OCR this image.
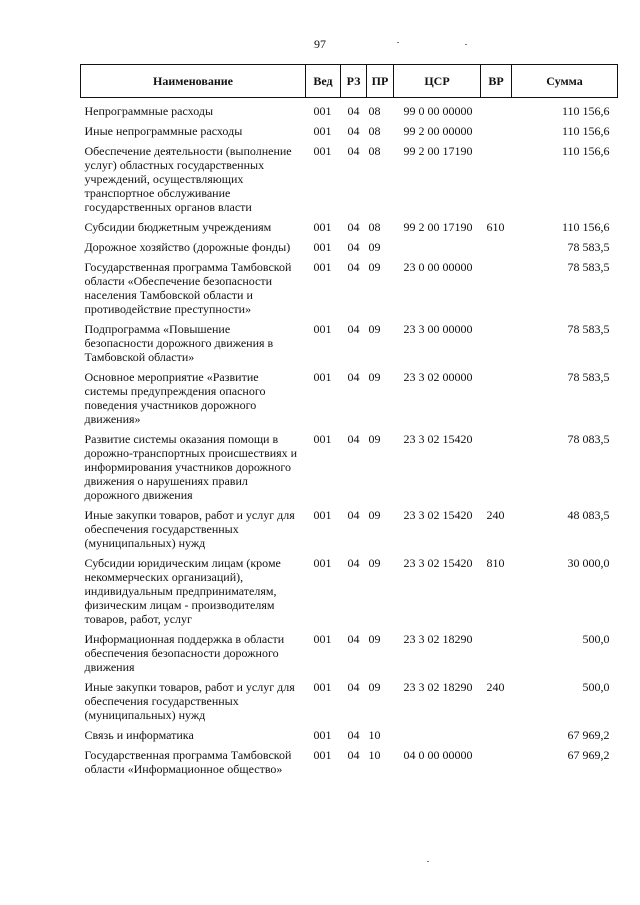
97
Наименование	Вед	РЗ	ПР	ЦСР	ВР	Сумма
Непрограммные расходы	001	04	08	99 0 00 00000		110 156,6
Иные непрограммные расходы	001	04	08	99 2 00 00000		110 156,6
Обеспечение деятельности (выполнение услуг) областных государственных учреждений, осуществляющих транспортное обслуживание государственных органов власти	001	04	08	99 2 00 17190		110 156,6
Субсидии бюджетным учреждениям	001	04	08	99 2 00 17190	610	110 156,6
Дорожное хозяйство (дорожные фонды)	001	04	09			78 583,5
Государственная программа Тамбовской области «Обеспечение безопасности населения Тамбовской области и противодействие преступности»	001	04	09	23 0 00 00000		78 583,5
Подпрограмма «Повышение безопасности дорожного движения в Тамбовской области»	001	04	09	23 3 00 00000		78 583,5
Основное мероприятие «Развитие системы предупреждения опасного поведения участников дорожного движения»	001	04	09	23 3 02 00000		78 583,5
Развитие системы оказания помощи в дорожно-транспортных происшествиях и информирования участников дорожного движения о нарушениях правил дорожного движения	001	04	09	23 3 02 15420		78 083,5
Иные закупки товаров, работ и услуг для обеспечения государственных (муниципальных) нужд	001	04	09	23 3 02 15420	240	48 083,5
Субсидии юридическим лицам (кроме некоммерческих организаций), индивидуальным предпринимателям, физическим лицам - производителям товаров, работ, услуг	001	04	09	23 3 02 15420	810	30 000,0
Информационная поддержка в области обеспечения безопасности дорожного движения	001	04	09	23 3 02 18290		500,0
Иные закупки товаров, работ и услуг для обеспечения государственных (муниципальных) нужд	001	04	09	23 3 02 18290	240	500,0
Связь и информатика	001	04	10			67 969,2
Государственная программа Тамбовской области «Информационное общество»	001	04	10	04 0 00 00000		67 969,2
